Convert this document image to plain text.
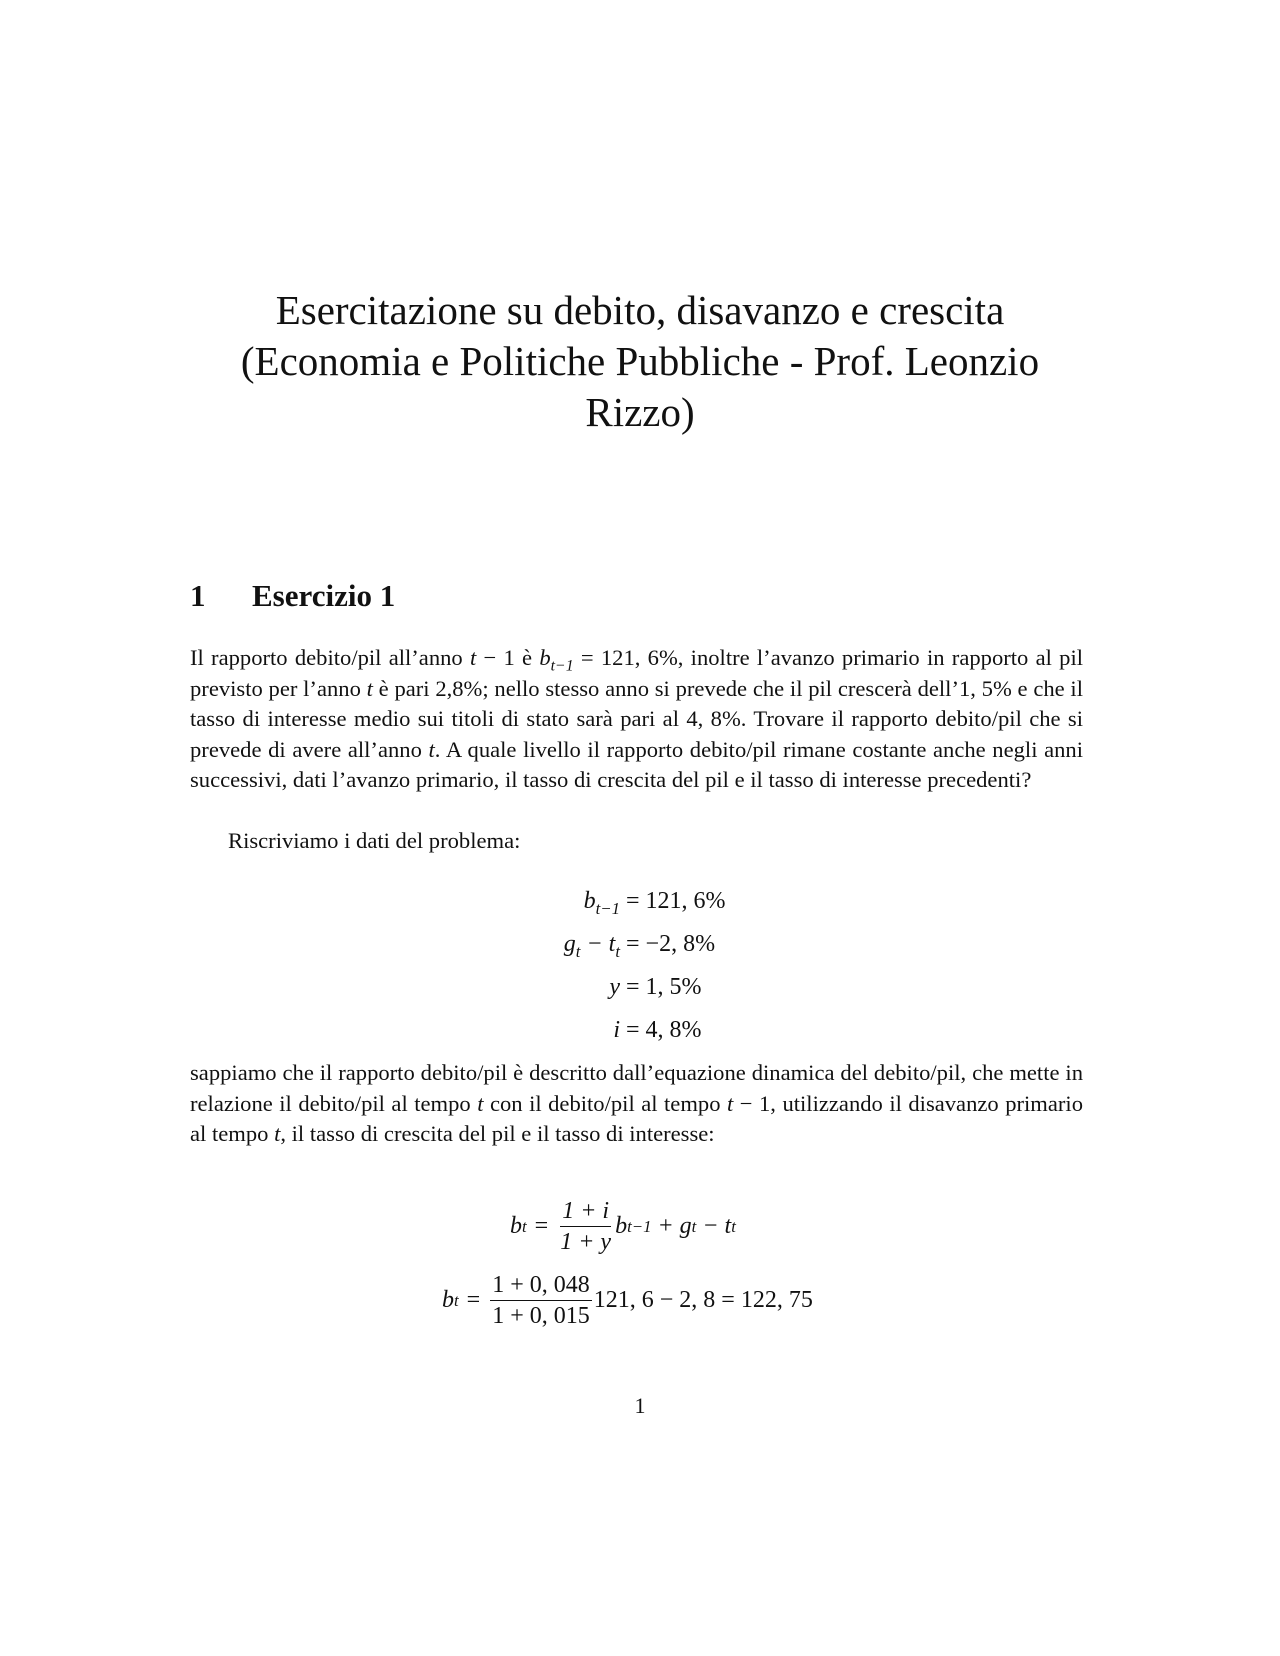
Esercitazione su debito, disavanzo e crescita
(Economia e Politiche Pubbliche - Prof. Leonzio
Rizzo)
1 Esercizio 1
Il rapporto debito/pil all’anno t − 1 è $b_{t-1} = 121$, 6%, inoltre l’avanzo primario in rapporto al pil previsto per l’anno t è pari 2,8%; nello stesso anno si prevede che il pil crescerà dell’1, 5% e che il tasso di interesse medio sui titoli di stato sarà pari al 4, 8%. Trovare il rapporto debito/pil che si prevede di avere all’anno t. A quale livello il rapporto debito/pil rimane costante anche negli anni successivi, dati l’avanzo primario, il tasso di crescita del pil e il tasso di interesse precedenti?
Riscriviamo i dati del problema:
$b_{t-1} = 121$, 6%
$g_t - t_t = -2$, 8%
y = 1, 5%
i = 4, 8%
sappiamo che il rapporto debito/pil è descritto dall’equazione dinamica del debito/pil, che mette in relazione il debito/pil al tempo t con il debito/pil al tempo t − 1, utilizzando il disavanzo primario al tempo t, il tasso di crescita del pil e il tasso di interesse:
b $t = \frac{1 + i}{1 + y}$ b t−1 + g t − t t
b $t = \frac{1 + 0, 048}{1 + 0, 015} 121$, 6 − 2, 8 = 122, 75
1
